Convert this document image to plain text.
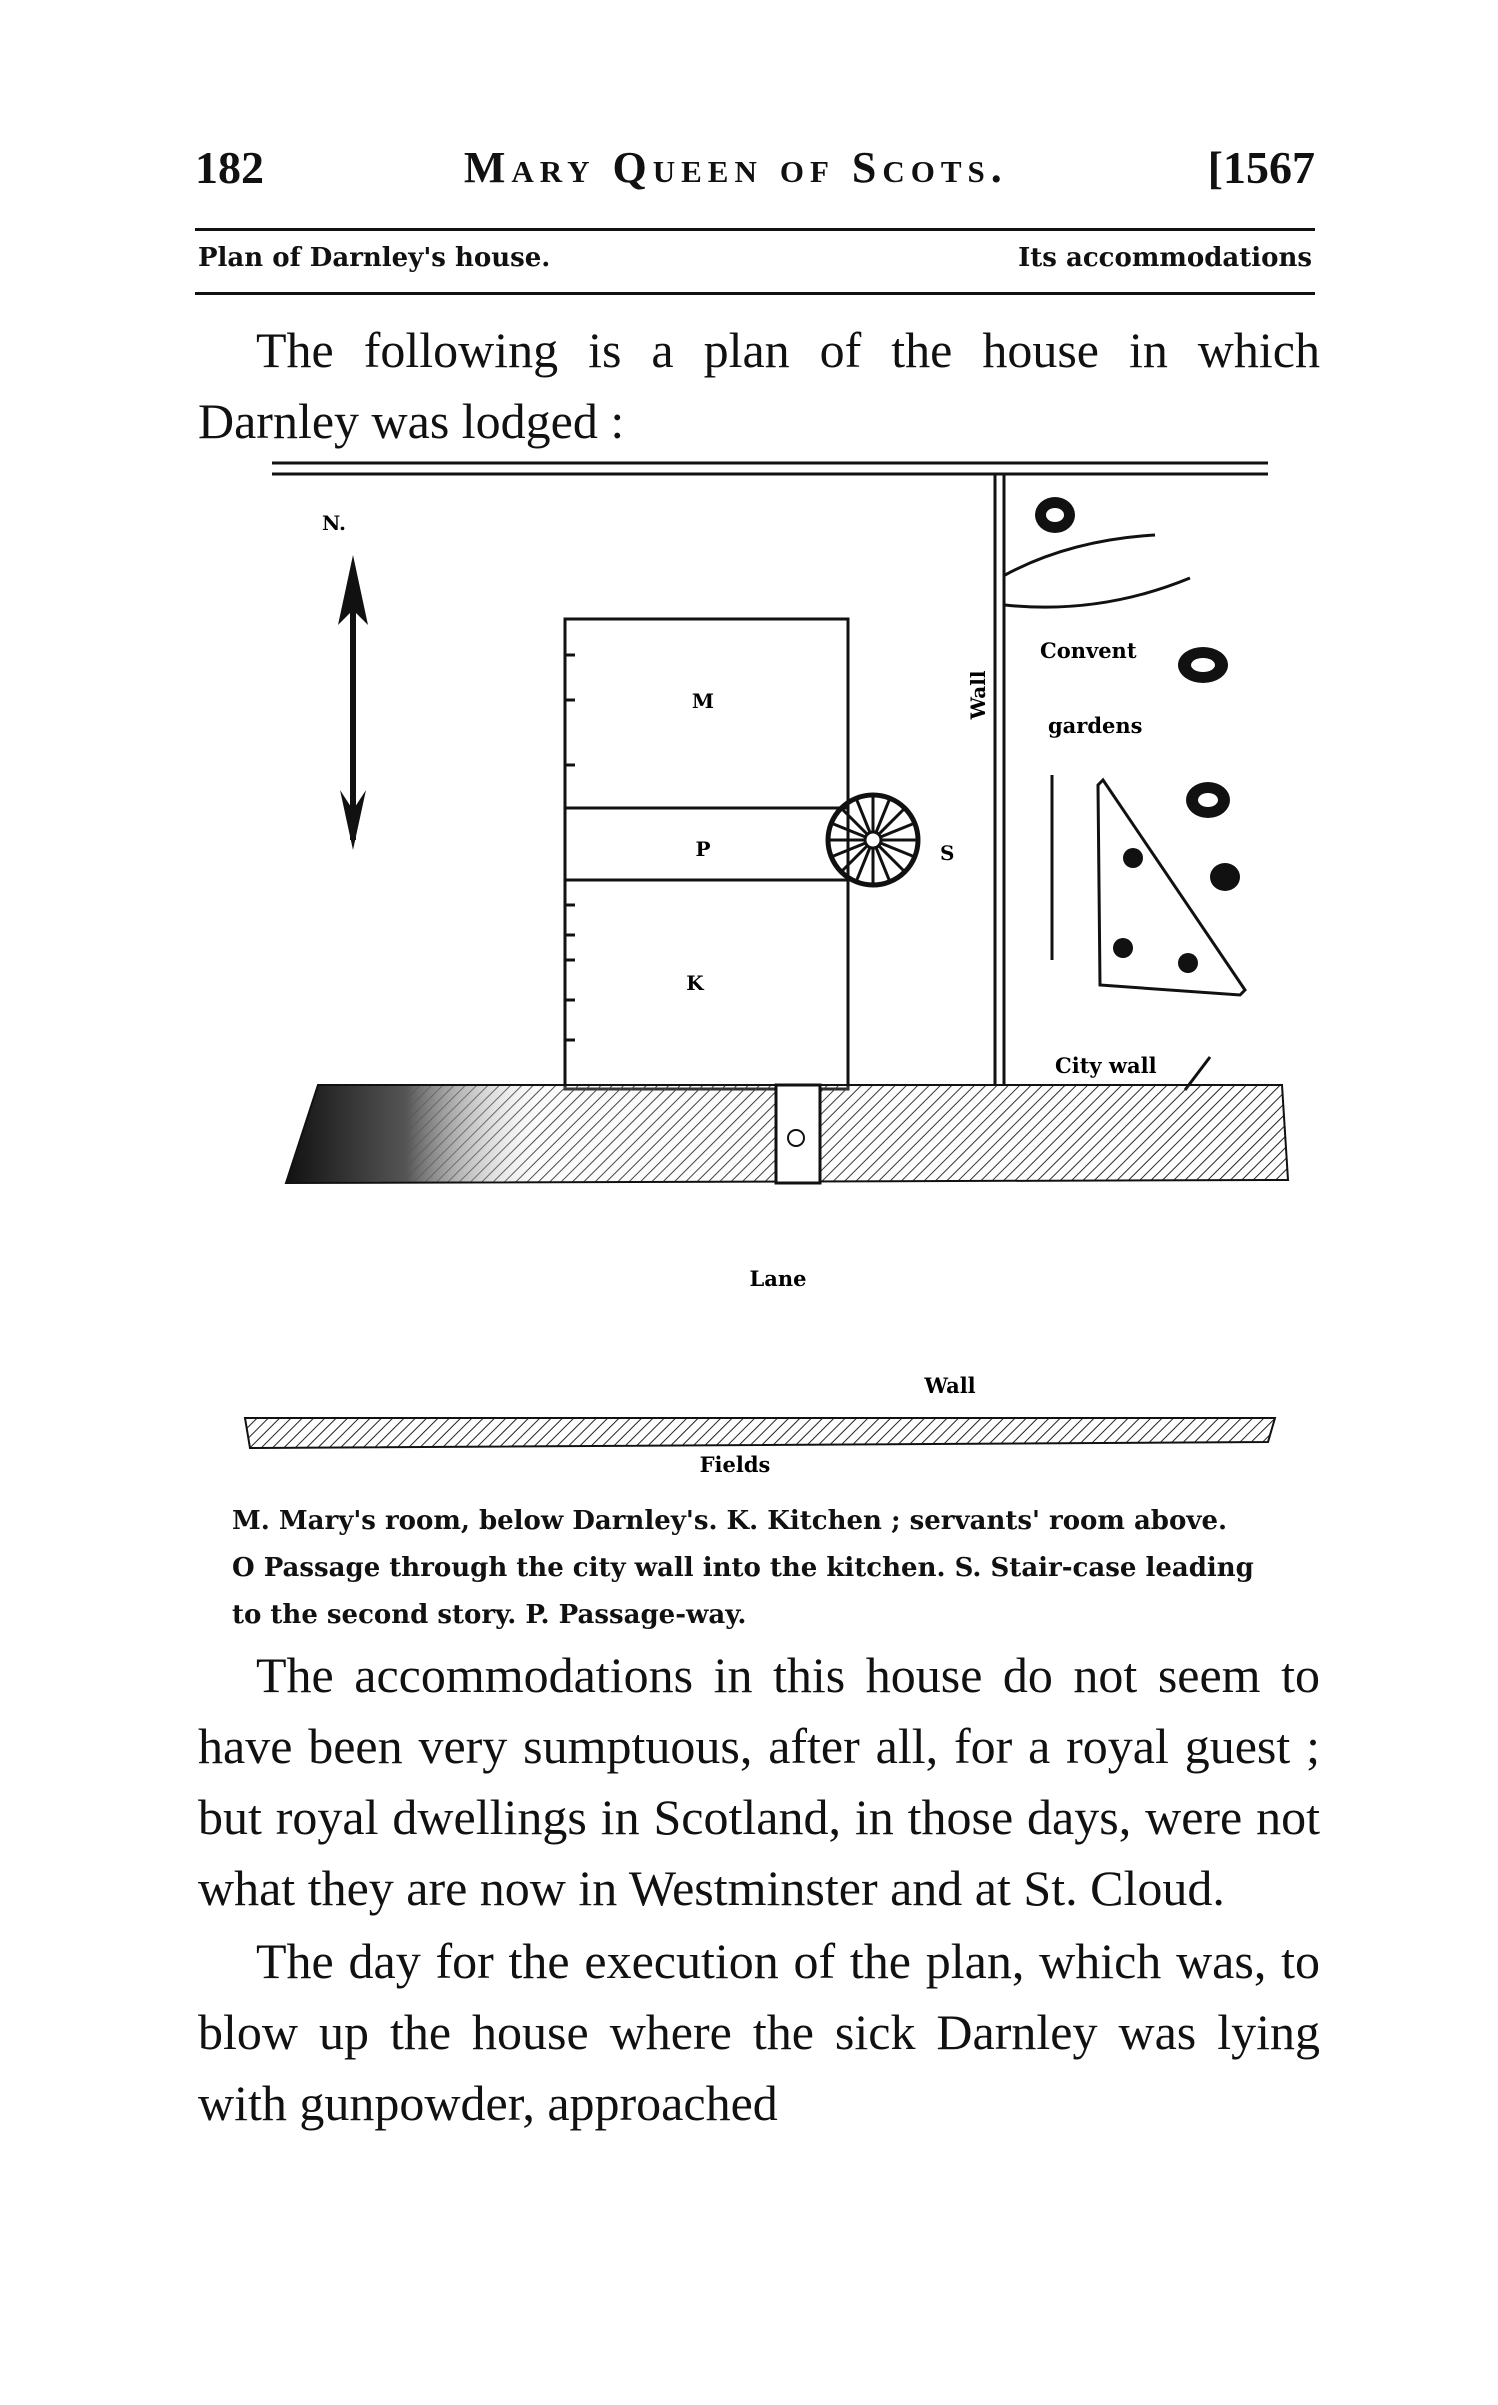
182	Mary Queen of Scots.	[1567
Plan of Darnley's house.	Its accommodations

The following is a plan of the house in which Darnley was lodged :

N.
M
P
K
S
Wall
Convent
gardens
City wall
Lane
Wall
Fields

M. Mary's room, below Darnley's. K. Kitchen ; servants' room above.

O Passage through the city wall into the kitchen. S. Stair-case leading

to the second story. P. Passage-way.

The accommodations in this house do not seem to have been very sumptuous, after all, for a royal guest ; but royal dwellings in Scotland, in those days, were not what they are now in Westminster and at St. Cloud.

The day for the execution of the plan, which was, to blow up the house where the sick Darnley was lying with gunpowder, approached
